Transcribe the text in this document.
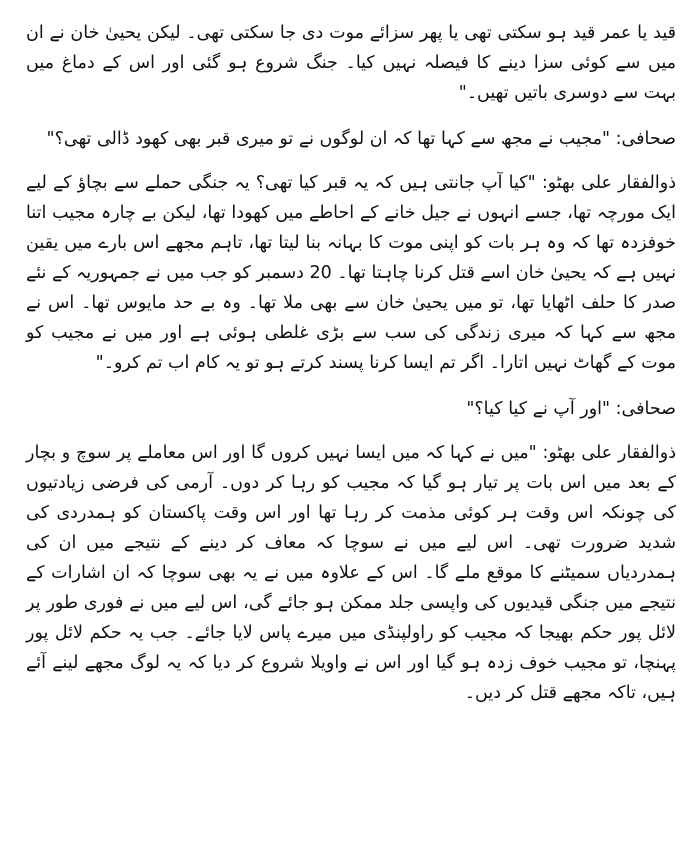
قید یا عمر قید ہو سکتی تھی یا پھر سزائے موت دی جا سکتی تھی۔ لیکن یحییٰ خان نے ان میں سے کوئی سزا دینے کا فیصلہ نہیں کیا۔ جنگ شروع ہو گئی اور اس کے دماغ میں بہت سے دوسری باتیں تھیں۔"

صحافی: "مجیب نے مجھ سے کہا تھا کہ ان لوگوں نے تو میری قبر بھی کھود ڈالی تھی؟"

ذوالفقار علی بھٹو: "کیا آپ جانتی ہیں کہ یہ قبر کیا تھی؟ یہ جنگی حملے سے بچاؤ کے لیے ایک مورچہ تھا، جسے انہوں نے جیل خانے کے احاطے میں کھودا تھا، لیکن بے چارہ مجیب اتنا خوفزدہ تھا کہ وہ ہر بات کو اپنی موت کا بہانہ بنا لیتا تھا، تاہم مجھے اس بارے میں یقین نہیں ہے کہ یحییٰ خان اسے قتل کرنا چاہتا تھا۔ 20 دسمبر کو جب میں نے جمہوریہ کے نئے صدر کا حلف اٹھایا تھا، تو میں یحییٰ خان سے بھی ملا تھا۔ وہ بے حد مایوس تھا۔ اس نے مجھ سے کہا کہ میری زندگی کی سب سے بڑی غلطی ہوئی ہے اور میں نے مجیب کو موت کے گھاٹ نہیں اتارا۔ اگر تم ایسا کرنا پسند کرتے ہو تو یہ کام اب تم کرو۔"

صحافی: "اور آپ نے کیا کیا؟"

ذوالفقار علی بھٹو: "میں نے کہا کہ میں ایسا نہیں کروں گا اور اس معاملے پر سوچ و بچار کے بعد میں اس بات پر تیار ہو گیا کہ مجیب کو رہا کر دوں۔ آرمی کی فرضی زیادتیوں کی چونکہ اس وقت ہر کوئی مذمت کر رہا تھا اور اس وقت پاکستان کو ہمدردی کی شدید ضرورت تھی۔ اس لیے میں نے سوچا کہ معاف کر دینے کے نتیجے میں ان کی ہمدردیاں سمیٹنے کا موقع ملے گا۔ اس کے علاوہ میں نے یہ بھی سوچا کہ ان اشارات کے نتیجے میں جنگی قیدیوں کی واپسی جلد ممکن ہو جائے گی، اس لیے میں نے فوری طور پر لائل پور حکم بھیجا کہ مجیب کو راولپنڈی میں میرے پاس لایا جائے۔ جب یہ حکم لائل پور پہنچا، تو مجیب خوف زدہ ہو گیا اور اس نے واویلا شروع کر دیا کہ یہ لوگ مجھے لینے آئے ہیں، تاکہ مجھے قتل کر دیں۔
